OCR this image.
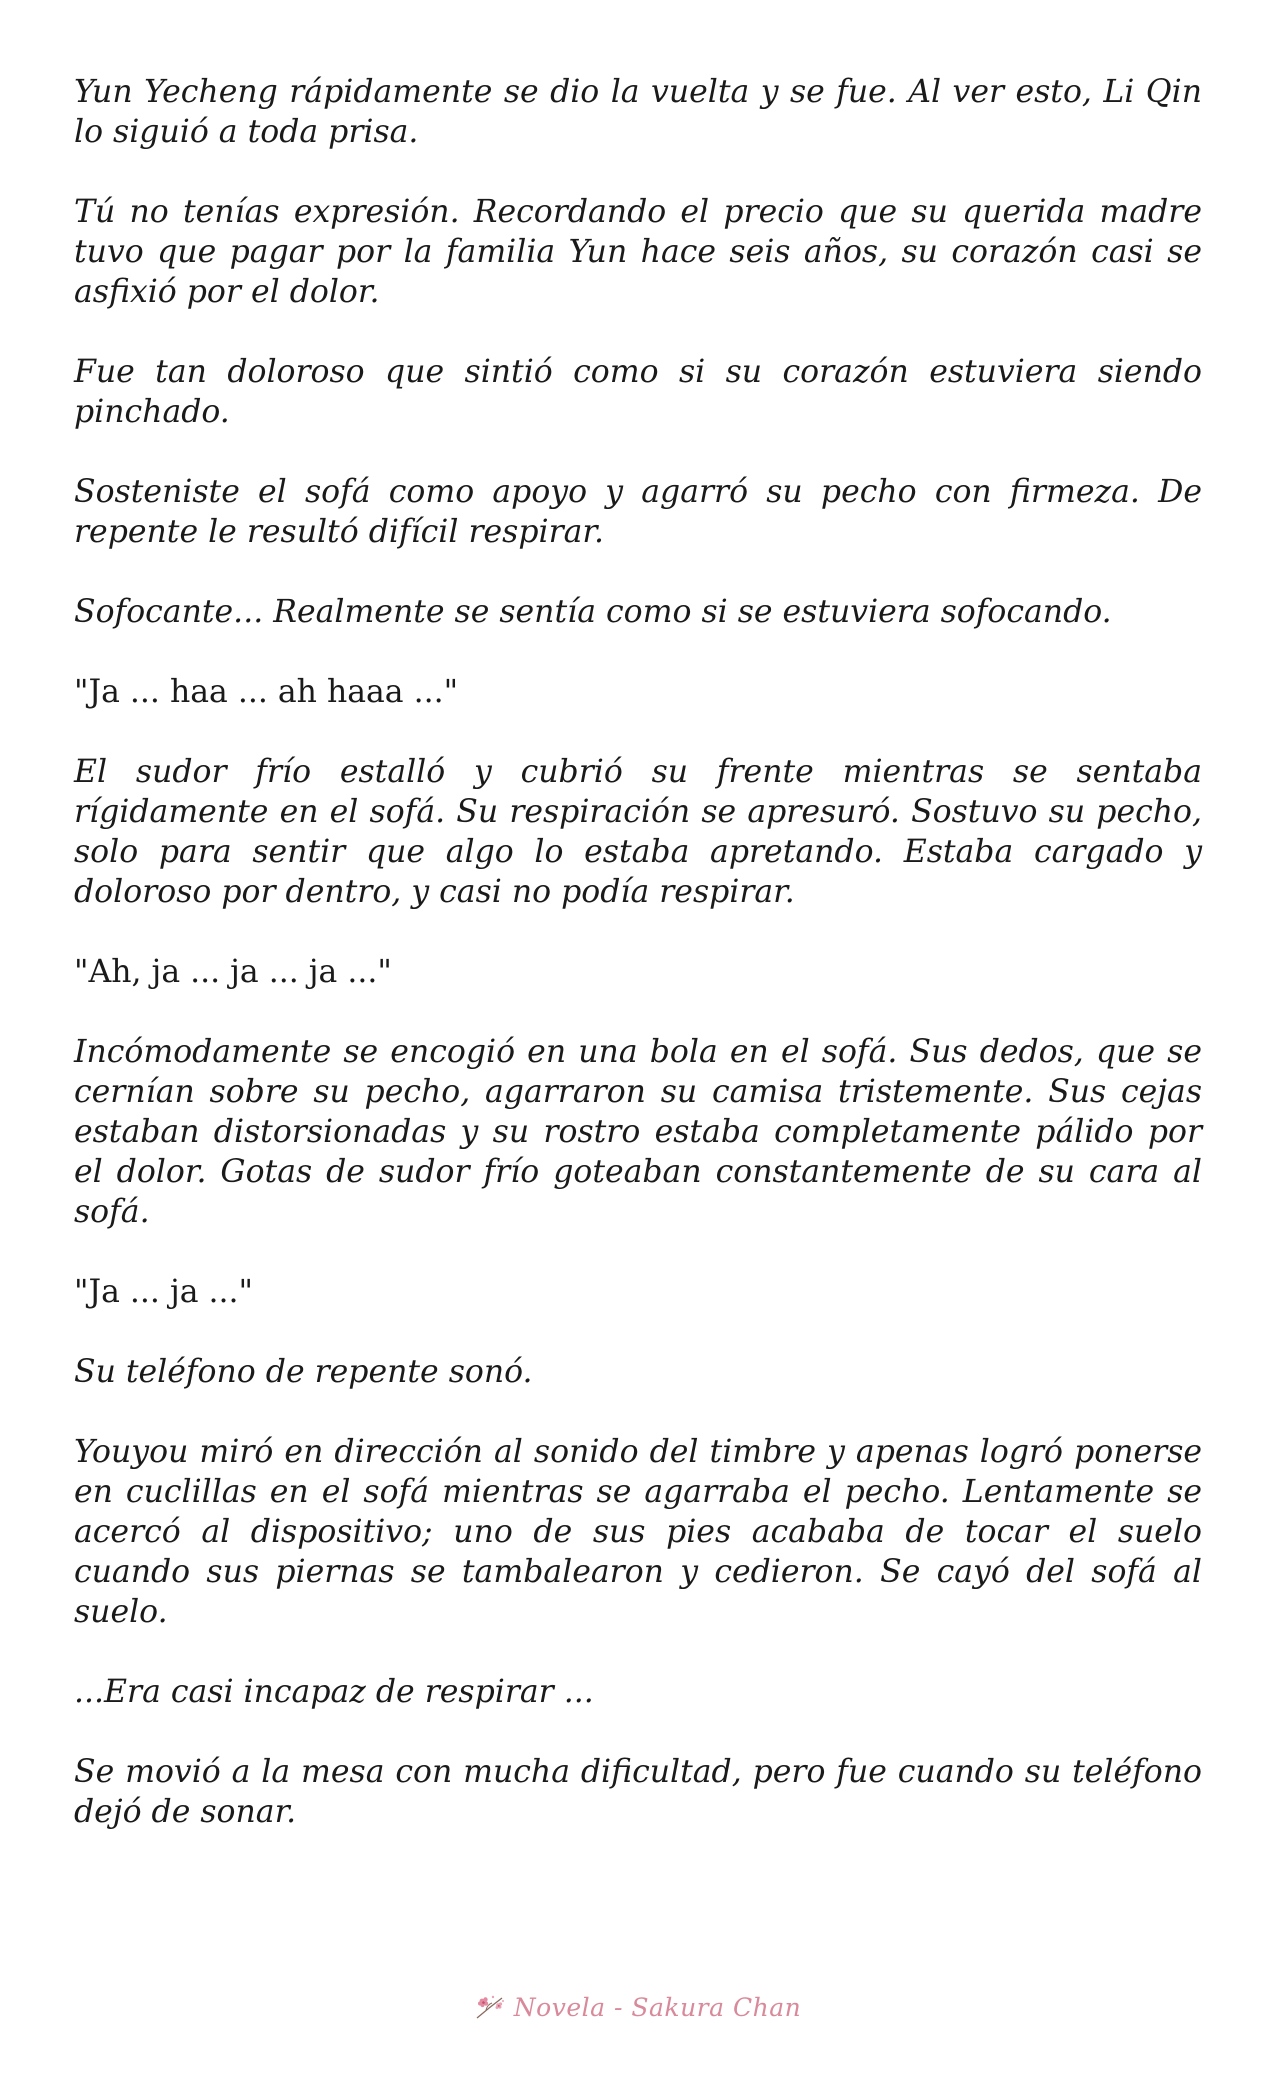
Yun Yecheng rápidamente se dio la vuelta y se fue. Al ver esto, Li Qin lo siguió a toda prisa.

Tú no tenías expresión. Recordando el precio que su querida madre tuvo que pagar por la familia Yun hace seis años, su corazón casi se asfixió por el dolor.

Fue tan doloroso que sintió como si su corazón estuviera siendo pinchado.

Sosteniste el sofá como apoyo y agarró su pecho con firmeza. De repente le resultó difícil respirar.

Sofocante... Realmente se sentía como si se estuviera sofocando.

"Ja ... haa ... ah haaa ..."

El sudor frío estalló y cubrió su frente mientras se sentaba rígidamente en el sofá. Su respiración se apresuró. Sostuvo su pecho, solo para sentir que algo lo estaba apretando. Estaba cargado y doloroso por dentro, y casi no podía respirar.

"Ah, ja ... ja ... ja ..."

Incómodamente se encogió en una bola en el sofá. Sus dedos, que se cernían sobre su pecho, agarraron su camisa tristemente. Sus cejas estaban distorsionadas y su rostro estaba completamente pálido por el dolor. Gotas de sudor frío goteaban constantemente de su cara al sofá.

"Ja ... ja ..."

Su teléfono de repente sonó.

Youyou miró en dirección al sonido del timbre y apenas logró ponerse en cuclillas en el sofá mientras se agarraba el pecho. Lentamente se acercó al dispositivo; uno de sus pies acababa de tocar el suelo cuando sus piernas se tambalearon y cedieron. Se cayó del sofá al suelo.

...Era casi incapaz de respirar ...

Se movió a la mesa con mucha dificultad, pero fue cuando su teléfono dejó de sonar.

Novela - Sakura Chan
